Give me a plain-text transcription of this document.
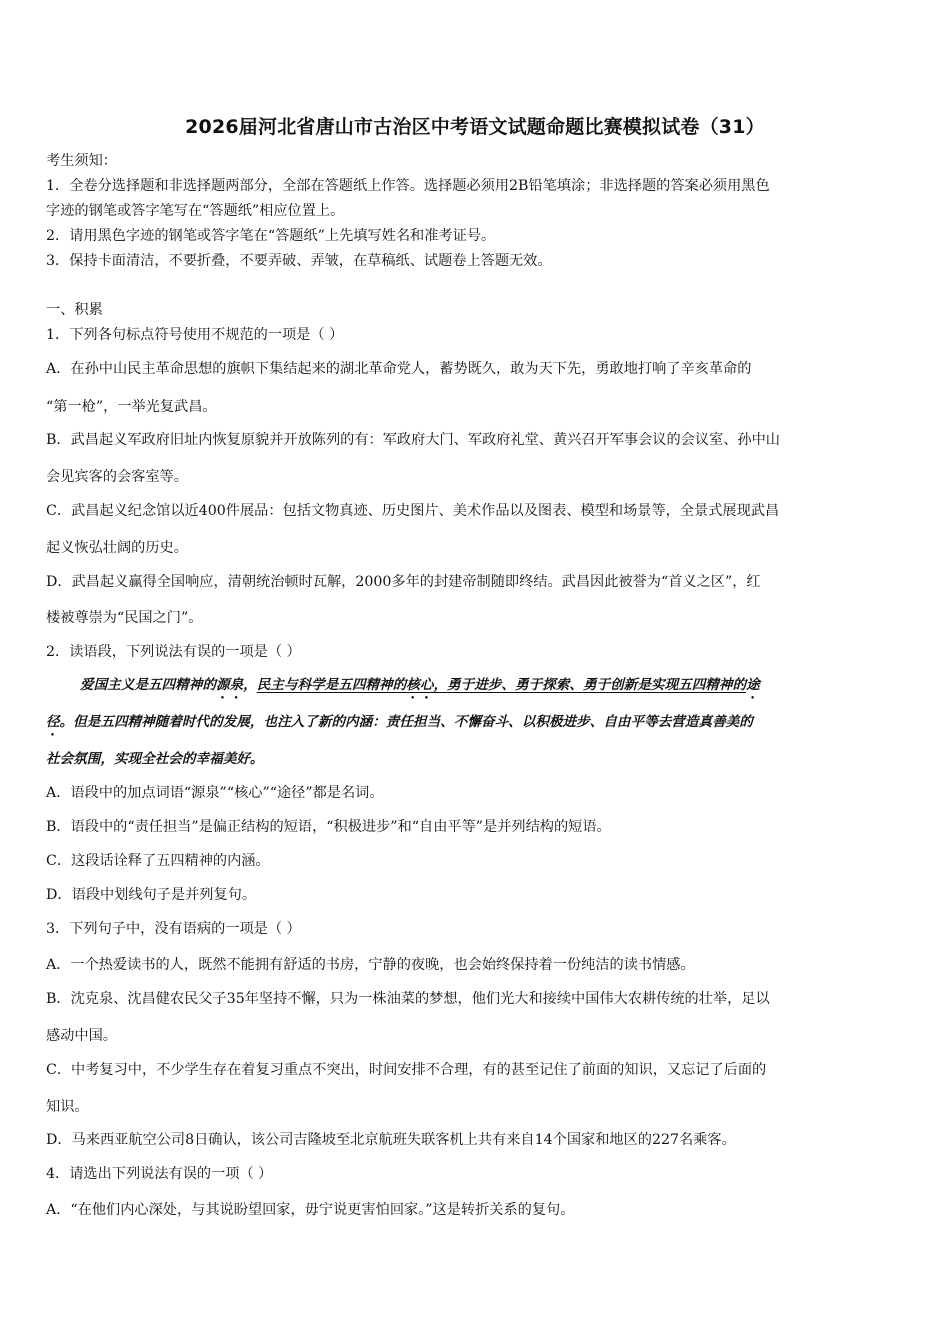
2026届河北省唐山市古治区中考语文试题命题比赛模拟试卷（31）
考生须知：
1．全卷分选择题和非选择题两部分，全部在答题纸上作答。选择题必须用2B铅笔填涂；非选择题的答案必须用黑色
字迹的钢笔或答字笔写在“答题纸”相应位置上。
2．请用黑色字迹的钢笔或答字笔在“答题纸”上先填写姓名和准考证号。
3．保持卡面清洁，不要折叠，不要弄破、弄皱，在草稿纸、试题卷上答题无效。
一、积累
1．下列各句标点符号使用不规范的一项是（ ）
A．在孙中山民主革命思想的旗帜下集结起来的湖北革命党人，蓄势既久，敢为天下先，勇敢地打响了辛亥革命的
“第一枪”，一举光复武昌。
B．武昌起义军政府旧址内恢复原貌并开放陈列的有：军政府大门、军政府礼堂、黄兴召开军事会议的会议室、孙中山
会见宾客的会客室等。
C．武昌起义纪念馆以近400件展品：包括文物真迹、历史图片、美术作品以及图表、模型和场景等，全景式展现武昌
起义恢弘壮阔的历史。
D．武昌起义赢得全国响应，清朝统治顿时瓦解，2000多年的封建帝制随即终结。武昌因此被誉为“首义之区”，红
楼被尊崇为“民国之门”。
2．读语段，下列说法有误的一项是（ ）
爱国主义是五四精神的源泉，民主与科学是五四精神的核心，勇于进步、勇于探索、勇于创新是实现五四精神的途
径。但是五四精神随着时代的发展，也注入了新的内涵：责任担当、不懈奋斗、以积极进步、自由平等去营造真善美的
社会氛围，实现全社会的幸福美好。
A．语段中的加点词语“源泉”“核心”“途径”都是名词。
B．语段中的“责任担当”是偏正结构的短语，“积极进步”和“自由平等”是并列结构的短语。
C．这段话诠释了五四精神的内涵。
D．语段中划线句子是并列复句。
3．下列句子中，没有语病的一项是（ ）
A．一个热爱读书的人，既然不能拥有舒适的书房，宁静的夜晚，也会始终保持着一份纯洁的读书情感。
B．沈克泉、沈昌健农民父子35年坚持不懈，只为一株油菜的梦想，他们光大和接续中国伟大农耕传统的壮举，足以
感动中国。
C．中考复习中，不少学生存在着复习重点不突出，时间安排不合理，有的甚至记住了前面的知识，又忘记了后面的
知识。
D．马来西亚航空公司8日确认，该公司吉隆坡至北京航班失联客机上共有来自14个国家和地区的227名乘客。
4．请选出下列说法有误的一项（ ）
A．“在他们内心深处，与其说盼望回家，毋宁说更害怕回家。”这是转折关系的复句。
